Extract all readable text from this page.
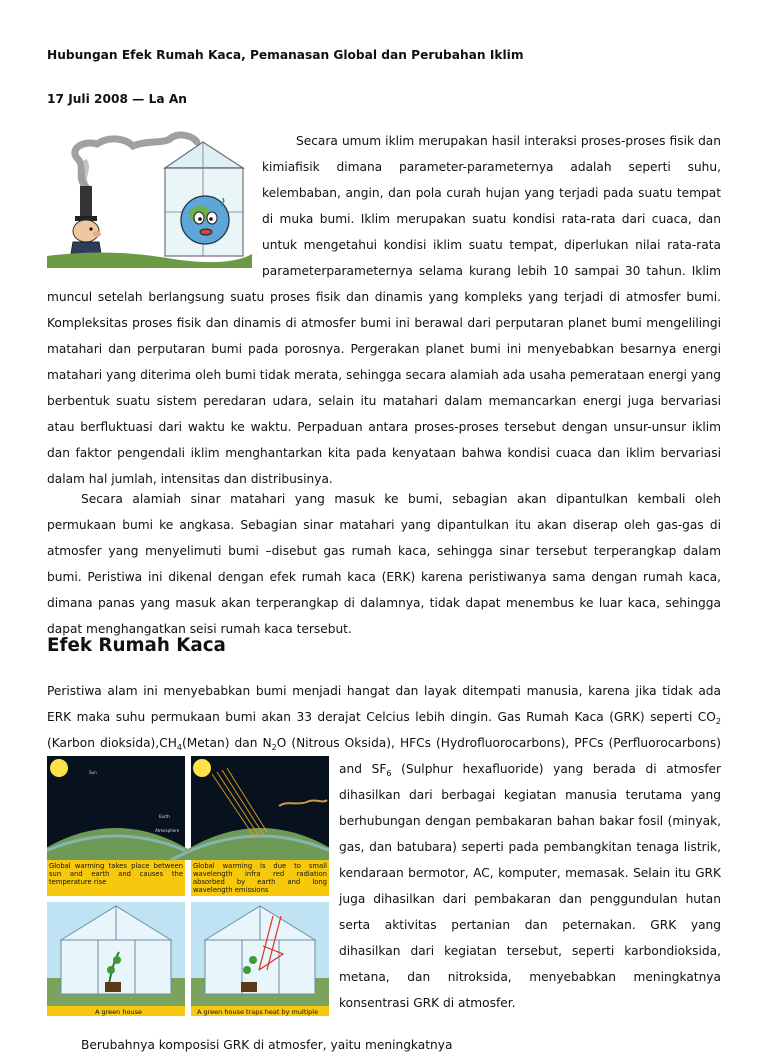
Hubungan Efek Rumah Kaca, Pemanasan Global dan Perubahan Iklim

17 Juli 2008 — La An

Secara umum iklim merupakan hasil interaksi proses-proses fisik dan kimiafisik dimana parameter-parameternya adalah seperti suhu, kelembaban, angin, dan pola curah hujan yang terjadi pada suatu tempat di muka bumi. Iklim merupakan suatu kondisi rata-rata dari cuaca, dan untuk mengetahui kondisi iklim suatu tempat, diperlukan nilai rata-rata parameterparameternya selama kurang lebih 10 sampai 30 tahun. Iklim muncul setelah berlangsung suatu proses fisik dan dinamis yang kompleks yang terjadi di atmosfer bumi. Kompleksitas proses fisik dan dinamis di atmosfer bumi ini berawal dari perputaran planet bumi mengelilingi matahari dan perputaran bumi pada porosnya. Pergerakan planet bumi ini menyebabkan besarnya energi matahari yang diterima oleh bumi tidak merata, sehingga secara alamiah ada usaha pemerataan energi yang berbentuk suatu sistem peredaran udara, selain itu matahari dalam memancarkan energi juga bervariasi atau berfluktuasi dari waktu ke waktu. Perpaduan antara proses-proses tersebut dengan unsur-unsur iklim dan faktor pengendali iklim menghantarkan kita pada kenyataan bahwa kondisi cuaca dan iklim bervariasi dalam hal jumlah, intensitas dan distribusinya.

Secara alamiah sinar matahari yang masuk ke bumi, sebagian akan dipantulkan kembali oleh permukaan bumi ke angkasa. Sebagian sinar matahari yang dipantulkan itu akan diserap oleh gas-gas di atmosfer yang menyelimuti bumi –disebut gas rumah kaca, sehingga sinar tersebut terperangkap dalam bumi. Peristiwa ini dikenal dengan efek rumah kaca (ERK) karena peristiwanya sama dengan rumah kaca, dimana panas yang masuk akan terperangkap di dalamnya, tidak dapat menembus ke luar kaca, sehingga dapat menghangatkan seisi rumah kaca tersebut.

Efek Rumah Kaca

Peristiwa alam ini menyebabkan bumi menjadi hangat dan layak ditempati manusia, karena jika tidak ada ERK maka suhu permukaan bumi akan 33 derajat Celcius lebih dingin. Gas Rumah Kaca (GRK) seperti $CO_2$ (Karbon $dioksida),CH_4(Metan)$ dan $N_2O$ (Nitrous Oksida), HFCs (Hydrofluorocarbons), PFCs (Perfluorocarbons) and $SF_6$
Sun
Earth
Atmosphere
Global warming takes place between sun and earth and causes the temperature rise
Global warming is due to small wavelength infra red radiation absorbed by earth and long wavelength emissions
A green house	A green house traps heat by multiple
(Sulphur hexafluoride) yang berada di atmosfer dihasilkan dari berbagai kegiatan manusia terutama yang berhubungan dengan pembakaran bahan bakar fosil (minyak, gas, dan batubara) seperti pada pembangkitan tenaga listrik, kendaraan bermotor, AC, komputer, memasak. Selain itu GRK juga dihasilkan dari pembakaran dan penggundulan hutan serta aktivitas pertanian dan peternakan. GRK yang dihasilkan dari kegiatan tersebut, seperti karbondioksida, metana, dan nitroksida, menyebabkan meningkatnya konsentrasi GRK di atmosfer.

Berubahnya komposisi GRK di atmosfer, yaitu meningkatnya
